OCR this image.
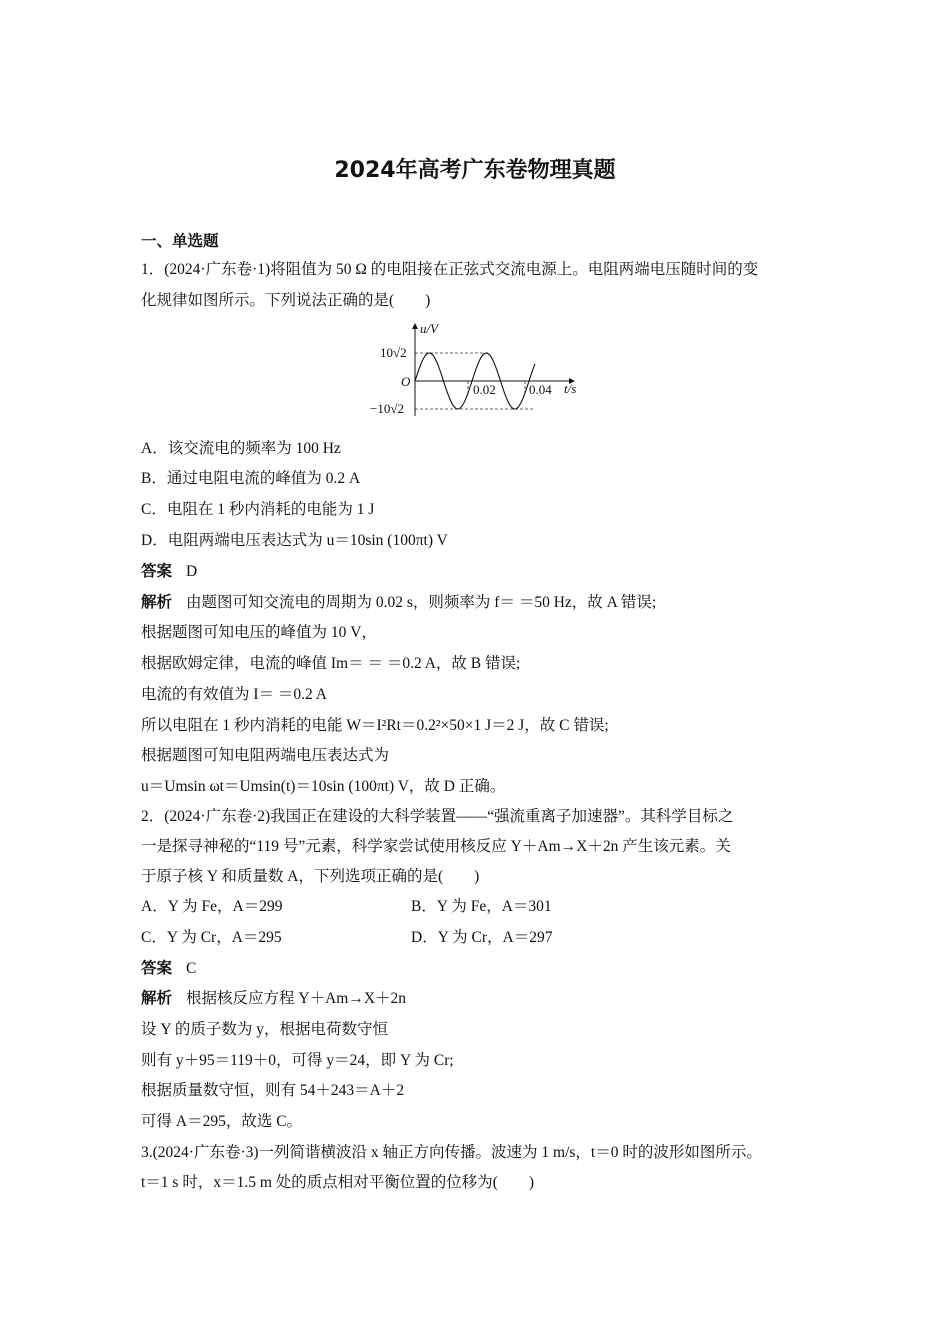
2024年高考广东卷物理真题
一、单选题
1．(2024·广东卷·1)将阻值为 50 Ω 的电阻接在正弦式交流电源上。电阻两端电压随时间的变
化规律如图所示。下列说法正确的是(　　)
u/V
t/s
O
10√2
−10√2
0.02	0.04
A．该交流电的频率为 100 Hz
B．通过电阻电流的峰值为 0.2 A
C．电阻在 1 秒内消耗的电能为 1 J
D．电阻两端电压表达式为 u＝10sin (100πt) V
答案 D
解析 由题图可知交流电的周期为 0.02 s，则频率为 f＝ ＝50 Hz，故 A 错误;
根据题图可知电压的峰值为 10 V，
根据欧姆定律，电流的峰值 Im＝ ＝ ＝0.2 A，故 B 错误;
电流的有效值为 I＝ ＝0.2 A
所以电阻在 1 秒内消耗的电能 W＝I²Rt＝0.2²×50×1 J＝2 J，故 C 错误;
根据题图可知电阻两端电压表达式为
u＝Umsin ωt＝Umsin(t)＝10sin (100πt) V，故 D 正确。
2．(2024·广东卷·2)我国正在建设的大科学装置——“强流重离子加速器”。其科学目标之
一是探寻神秘的“119 号”元素，科学家尝试使用核反应 Y＋Am→X＋2n 产生该元素。关
于原子核 Y 和质量数 A，下列选项正确的是(　　)
A．Y 为 Fe，A＝299	B．Y 为 Fe，A＝301
C．Y 为 Cr，A＝295	D．Y 为 Cr，A＝297
答案 C
解析 根据核反应方程 Y＋Am→X＋2n
设 Y 的质子数为 y，根据电荷数守恒
则有 y＋95＝119＋0，可得 y＝24，即 Y 为 Cr;
根据质量数守恒，则有 54＋243＝A＋2
可得 A＝295，故选 C。
3.(2024·广东卷·3)一列简谐横波沿 x 轴正方向传播。波速为 1 m/s，t＝0 时的波形如图所示。
t＝1 s 时，x＝1.5 m 处的质点相对平衡位置的位移为(　　)
